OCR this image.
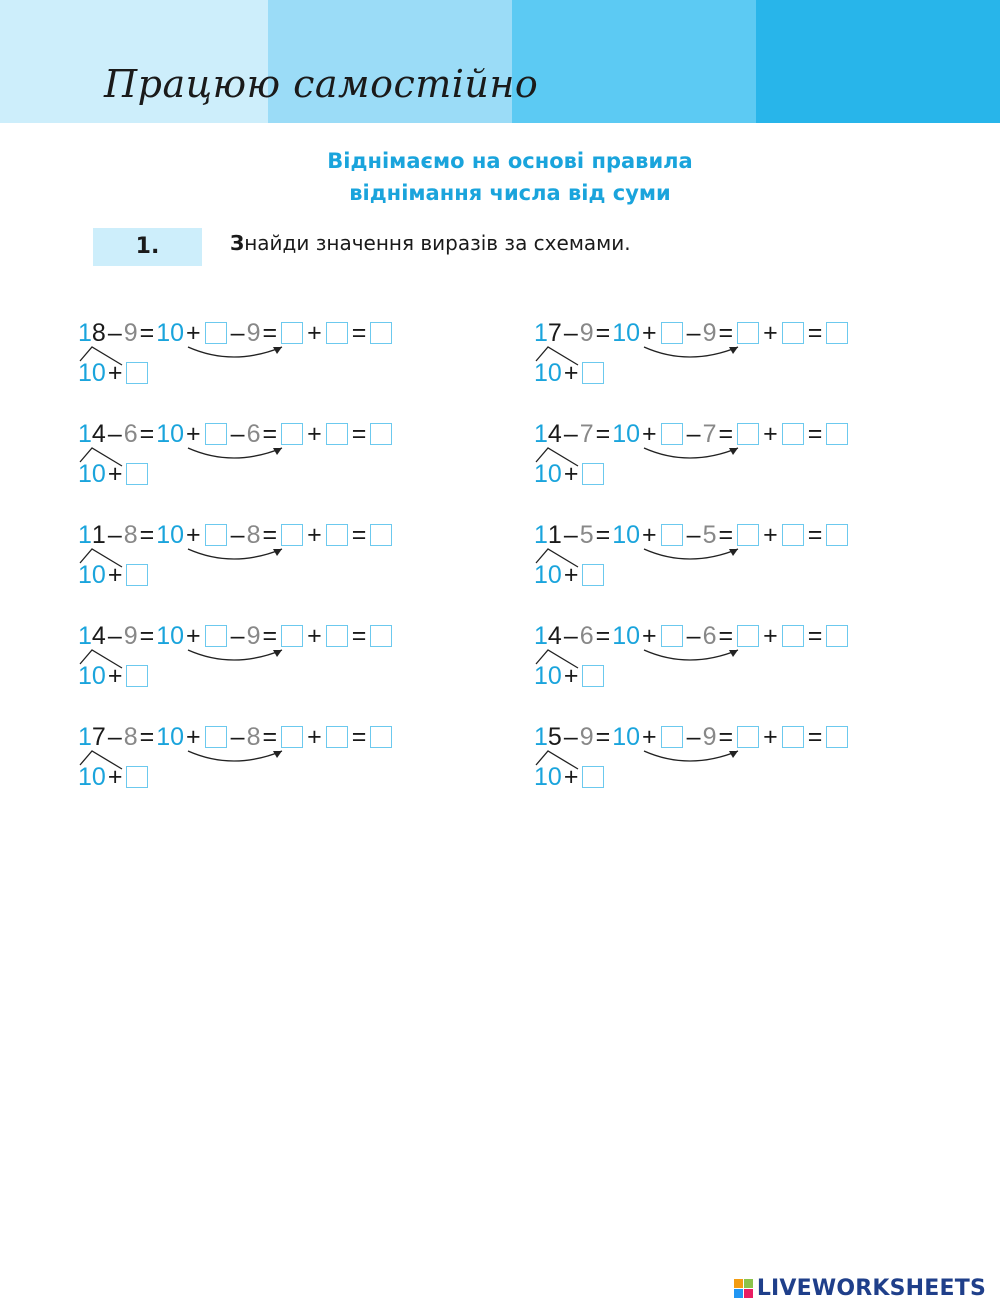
Працюю самостійно
Віднімаємо на основі правила
віднімання числа від суми
1.	Знайди значення виразів за схемами.
1 8 – 9 = 10 + – 9 = + =
10 +
1 7 – 9 = 10 + – 9 = + =
10 +
1 4 – 6 = 10 + – 6 = + =
10 +
1 4 – 7 = 10 + – 7 = + =
10 +
1 1 – 8 = 10 + – 8 = + =
10 +
1 1 – 5 = 10 + – 5 = + =
10 +
1 4 – 9 = 10 + – 9 = + =
10 +
1 4 – 6 = 10 + – 6 = + =
10 +
1 7 – 8 = 10 + – 8 = + =
10 +
1 5 – 9 = 10 + – 9 = + =
10 +
LIVEWORKSHEETS
